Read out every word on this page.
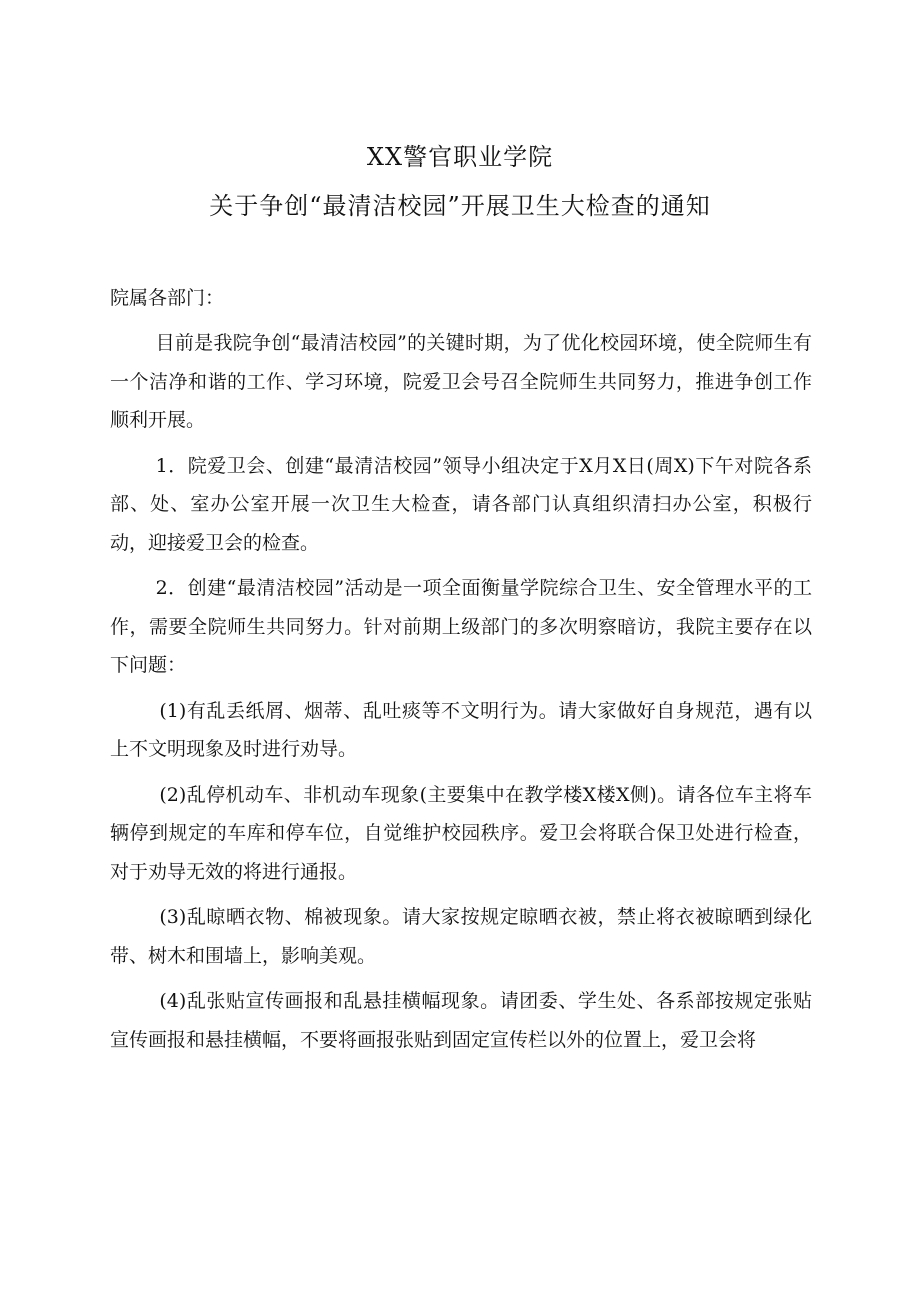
XX警官职业学院
关于争创“最清洁校园”开展卫生大检查的通知

院属各部门：

目前是我院争创“最清洁校园”的关键时期，为了优化校园环境，使全院师生有一个洁净和谐的工作、学习环境，院爱卫会号召全院师生共同努力，推进争创工作顺利开展。

1．院爱卫会、创建“最清洁校园”领导小组决定于X月X日(周X)下午对院各系部、处、室办公室开展一次卫生大检查，请各部门认真组织清扫办公室，积极行动，迎接爱卫会的检查。

2．创建“最清洁校园”活动是一项全面衡量学院综合卫生、安全管理水平的工作，需要全院师生共同努力。针对前期上级部门的多次明察暗访，我院主要存在以下问题：

(1)有乱丢纸屑、烟蒂、乱吐痰等不文明行为。请大家做好自身规范，遇有以上不文明现象及时进行劝导。

(2)乱停机动车、非机动车现象(主要集中在教学楼X楼X侧)。请各位车主将车辆停到规定的车库和停车位，自觉维护校园秩序。爱卫会将联合保卫处进行检查，对于劝导无效的将进行通报。

(3)乱晾晒衣物、棉被现象。请大家按规定晾晒衣被，禁止将衣被晾晒到绿化带、树木和围墙上，影响美观。

(4)乱张贴宣传画报和乱悬挂横幅现象。请团委、学生处、各系部按规定张贴宣传画报和悬挂横幅，不要将画报张贴到固定宣传栏以外的位置上，爱卫会将
